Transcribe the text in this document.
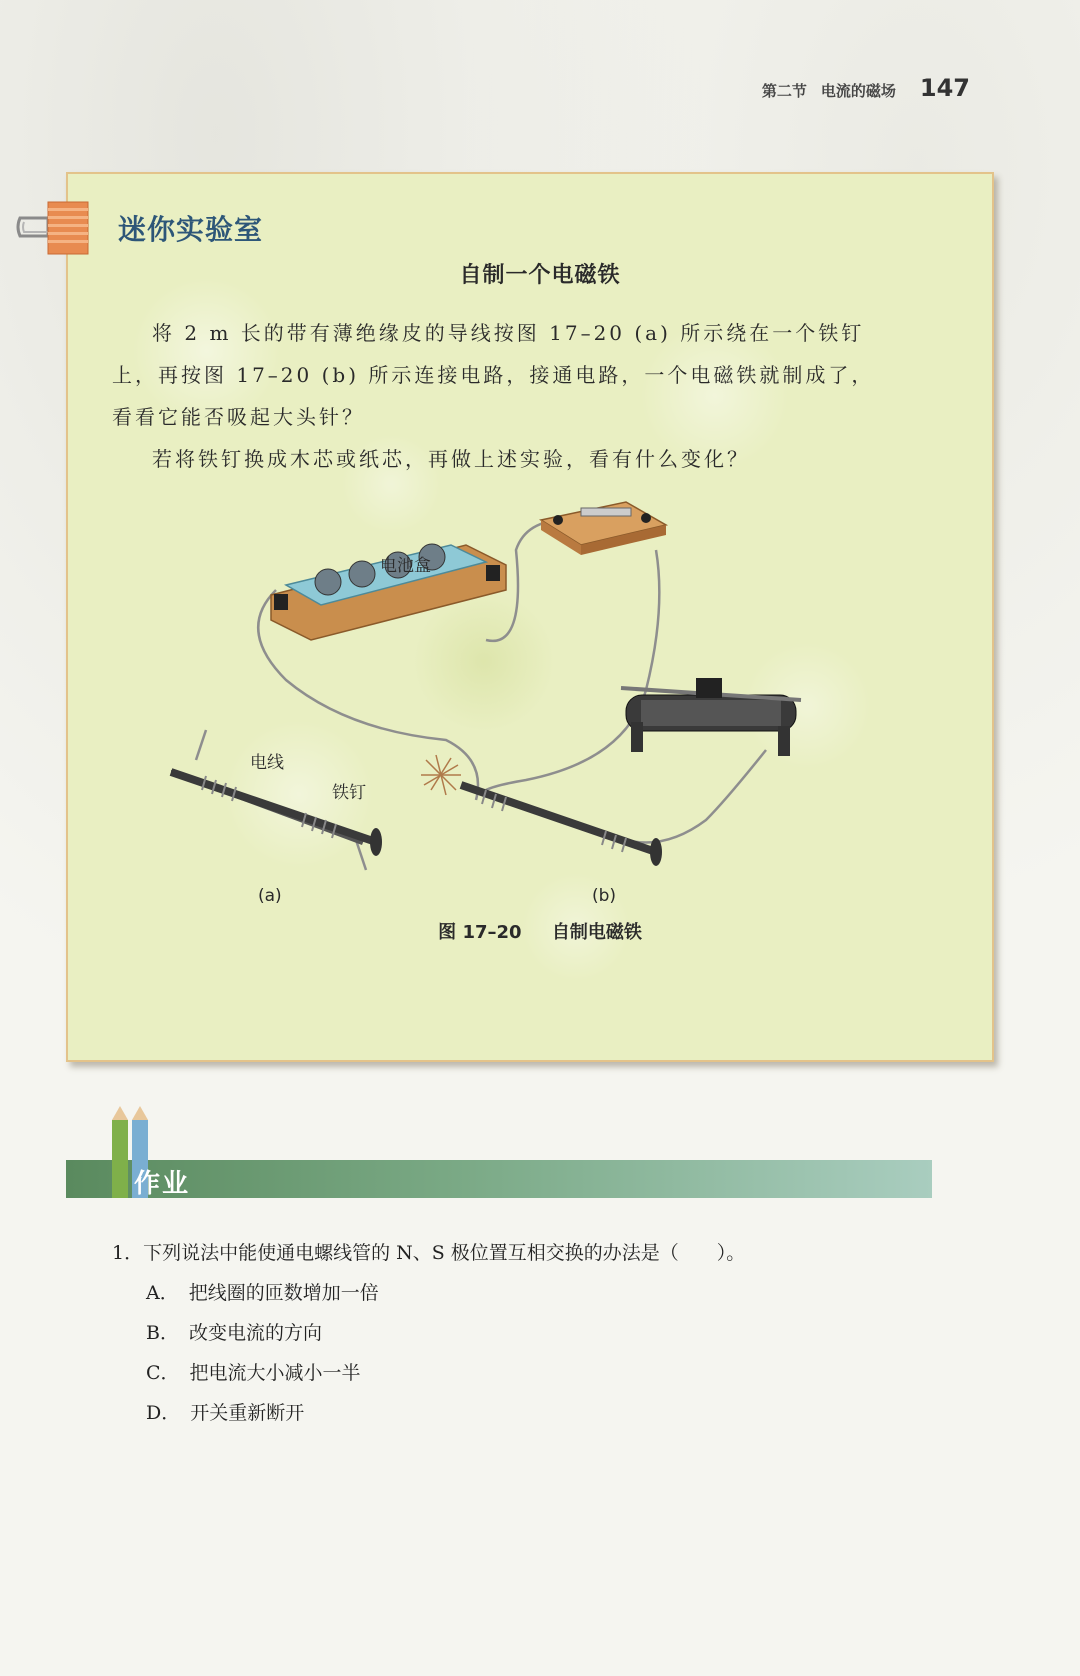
第二节 电流的磁场 147
迷你实验室
自制一个电磁铁

将 2 m 长的带有薄绝缘皮的导线按图 17–20 (a) 所示绕在一个铁钉上，再按图 17–20 (b) 所示连接电路，接通电路，一个电磁铁就制成了，看看它能否吸起大头针？

若将铁钉换成木芯或纸芯，再做上述实验，看有什么变化？

电池盒
电线
铁钉
(a)	(b)
图 17–20 自制电磁铁
作业
1．下列说法中能使通电螺线管的 N、S 极位置互相交换的办法是（　　）。
A． 把线圈的匝数增加一倍
B． 改变电流的方向
C． 把电流大小减小一半
D． 开关重新断开
